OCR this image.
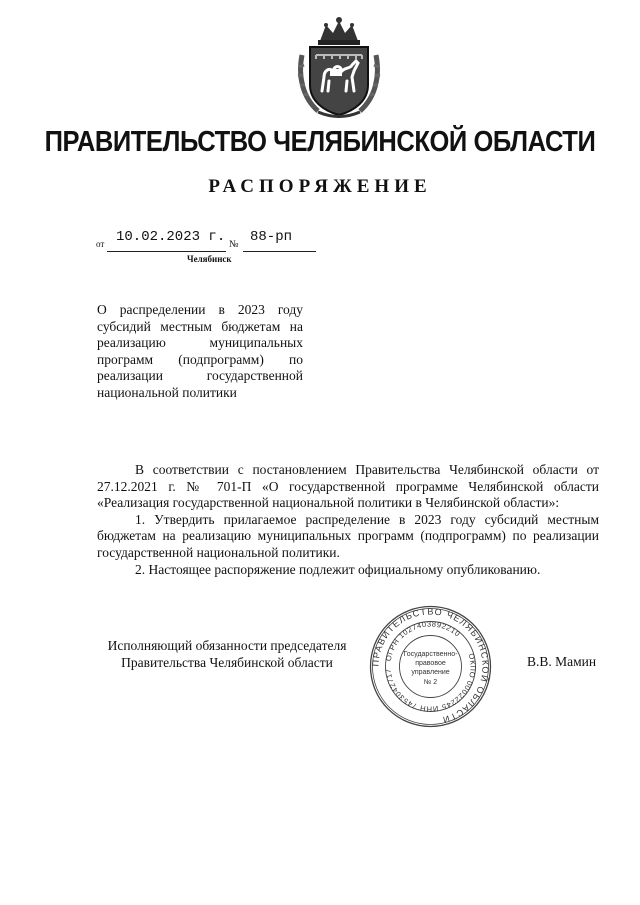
ПРАВИТЕЛЬСТВО ЧЕЛЯБИНСКОЙ ОБЛАСТИ
РАСПОРЯЖЕНИЕ
от 10.02.2023 г. № 88-рп
Челябинск
О распределении в 2023 году субсидий местным бюджетам на реализацию муниципальных программ (подпрограмм) по реализации государственной национальной политики

В соответствии с постановлением Правительства Челябинской области от 27.12.2021 г. № 701-П «О государственной программе Челябинской области «Реализация государственной национальной политики в Челябинской области»:

1. Утвердить прилагаемое распределение в 2023 году субсидий местным бюджетам на реализацию муниципальных программ (подпрограмм) по реализации государственной национальной политики.

2. Настоящее распоряжение подлежит официальному опубликованию.

Исполняющий обязанности председателя
Правительства Челябинской области	В.В. Мамин
ПРАВИТЕЛЬСТВО ЧЕЛЯБИНСКОЙ ОБЛАСТИ
ОГРН 1027403892210
ОКПО 00022245
ИНН 7453042717
Государственно-
правовое
управление
№ 2
